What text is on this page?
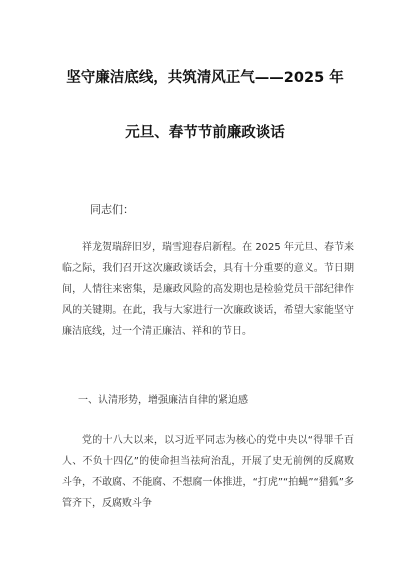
坚守廉洁底线，共筑清风正气——2025 年
元旦、春节节前廉政谈话
同志们：
祥龙贺瑞辞旧岁，瑞雪迎春启新程。在 2025 年元旦、春节来临之际，我们召开这次廉政谈话会，具有十分重要的意义。节日期间，人情往来密集，是廉政风险的高发期也是检验党员干部纪律作风的关键期。在此，我与大家进行一次廉政谈话，希望大家能坚守廉洁底线，过一个清正廉洁、祥和的节日。
一、认清形势，增强廉洁自律的紧迫感
党的十八大以来，以习近平同志为核心的党中央以“得罪千百人、不负十四亿”的使命担当祛疴治乱，开展了史无前例的反腐败斗争，不敢腐、不能腐、不想腐一体推进，“打虎”“拍蝇”“猎狐”多管齐下，反腐败斗争
